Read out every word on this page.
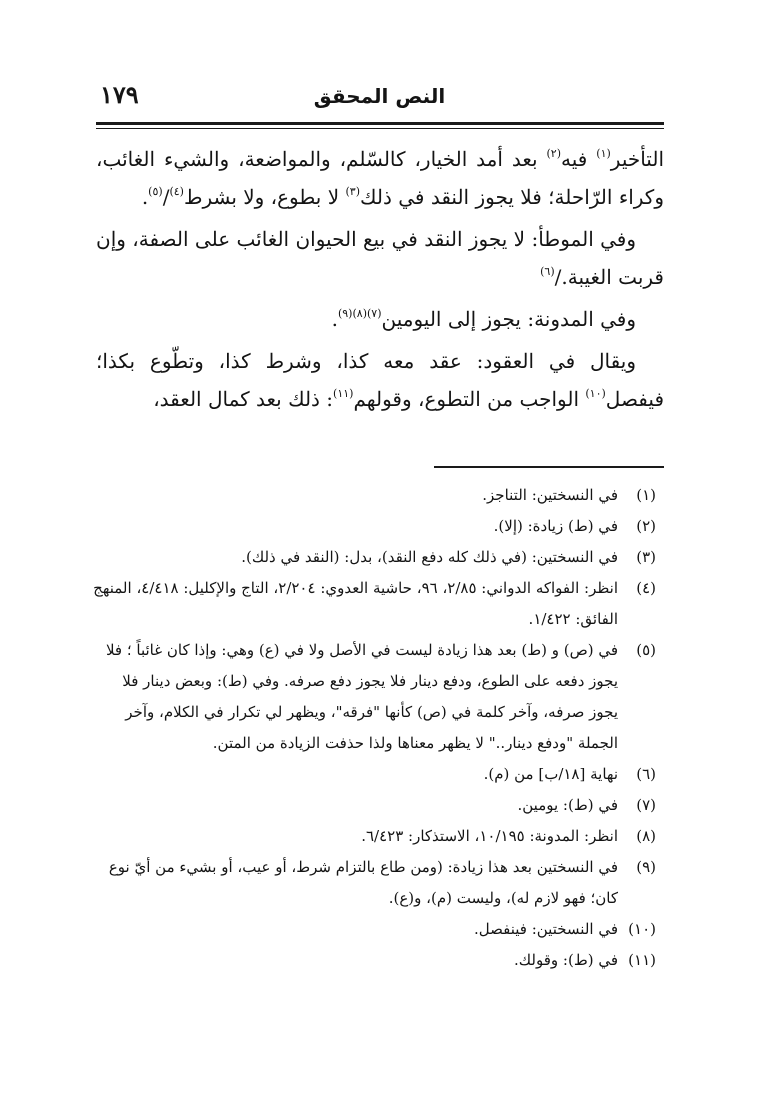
النص المحقق
١٧٩

التأخير$^{(١)}$ فيه$^{(٢)}$ بعد أمد الخيار، كالسّلم، والمواضعة، والشيء الغائب، وكراء الرّاحلة؛ فلا يجوز النقد في ذلك$^{(٣)}$ لا بطوع، ولا بشرط$^{(٤)}$/$^{(٥)}$.

وفي الموطأ: لا يجوز النقد في بيع الحيوان الغائب على الصفة، وإن قربت الغيبة./$^{(٦)}$

وفي المدونة: يجوز إلى اليومين$^{(٧)(٨)(٩)}$.

ويقال في العقود: عقد معه كذا، وشرط كذا، وتطّوع بكذا؛ فيفصل$^{(١٠)}$ الواجب من التطوع، وقولهم$^{(١١)}$: ذلك بعد كمال العقد،

(١)
في النسختين: التناجز.
(٢)
في (ط) زيادة: (إلا).
(٣)
في النسختين: (في ذلك كله دفع النقد)، بدل: (النقد في ذلك).
(٤)
انظر: الفواكه الدواني: ٢/٨٥، ٩٦، حاشية العدوي: ٢/٢٠٤، التاج والإكليل: ٤/٤١٨، المنهج الفائق: ١/٤٢٢.
(٥)
في (ص) و (ط) بعد هذا زيادة ليست في الأصل ولا في (ع) وهي: وإذا كان غائباً ؛ فلا يجوز دفعه على الطوع، ودفع دينار فلا يجوز دفع صرفه. وفي (ط): وبعض دينار فلا يجوز صرفه، وآخر كلمة في (ص) كأنها "فرقه"، ويظهر لي تكرار في الكلام، وآخر الجملة "ودفع دينار.." لا يظهر معناها ولذا حذفت الزيادة من المتن.
(٦)
نهاية [١٨/ب] من (م).
(٧)
في (ط): يومين.
(٨)
انظر: المدونة: ١٠/١٩٥، الاستذكار: ٦/٤٢٣.
(٩)
في النسختين بعد هذا زيادة: (ومن طاع بالتزام شرط، أو عيب، أو بشيء من أيّ نوع كان؛ فهو لازم له)، وليست (م)، و(ع).
(١٠)
في النسختين: فينفصل.
(١١)
في (ط): وقولك.
